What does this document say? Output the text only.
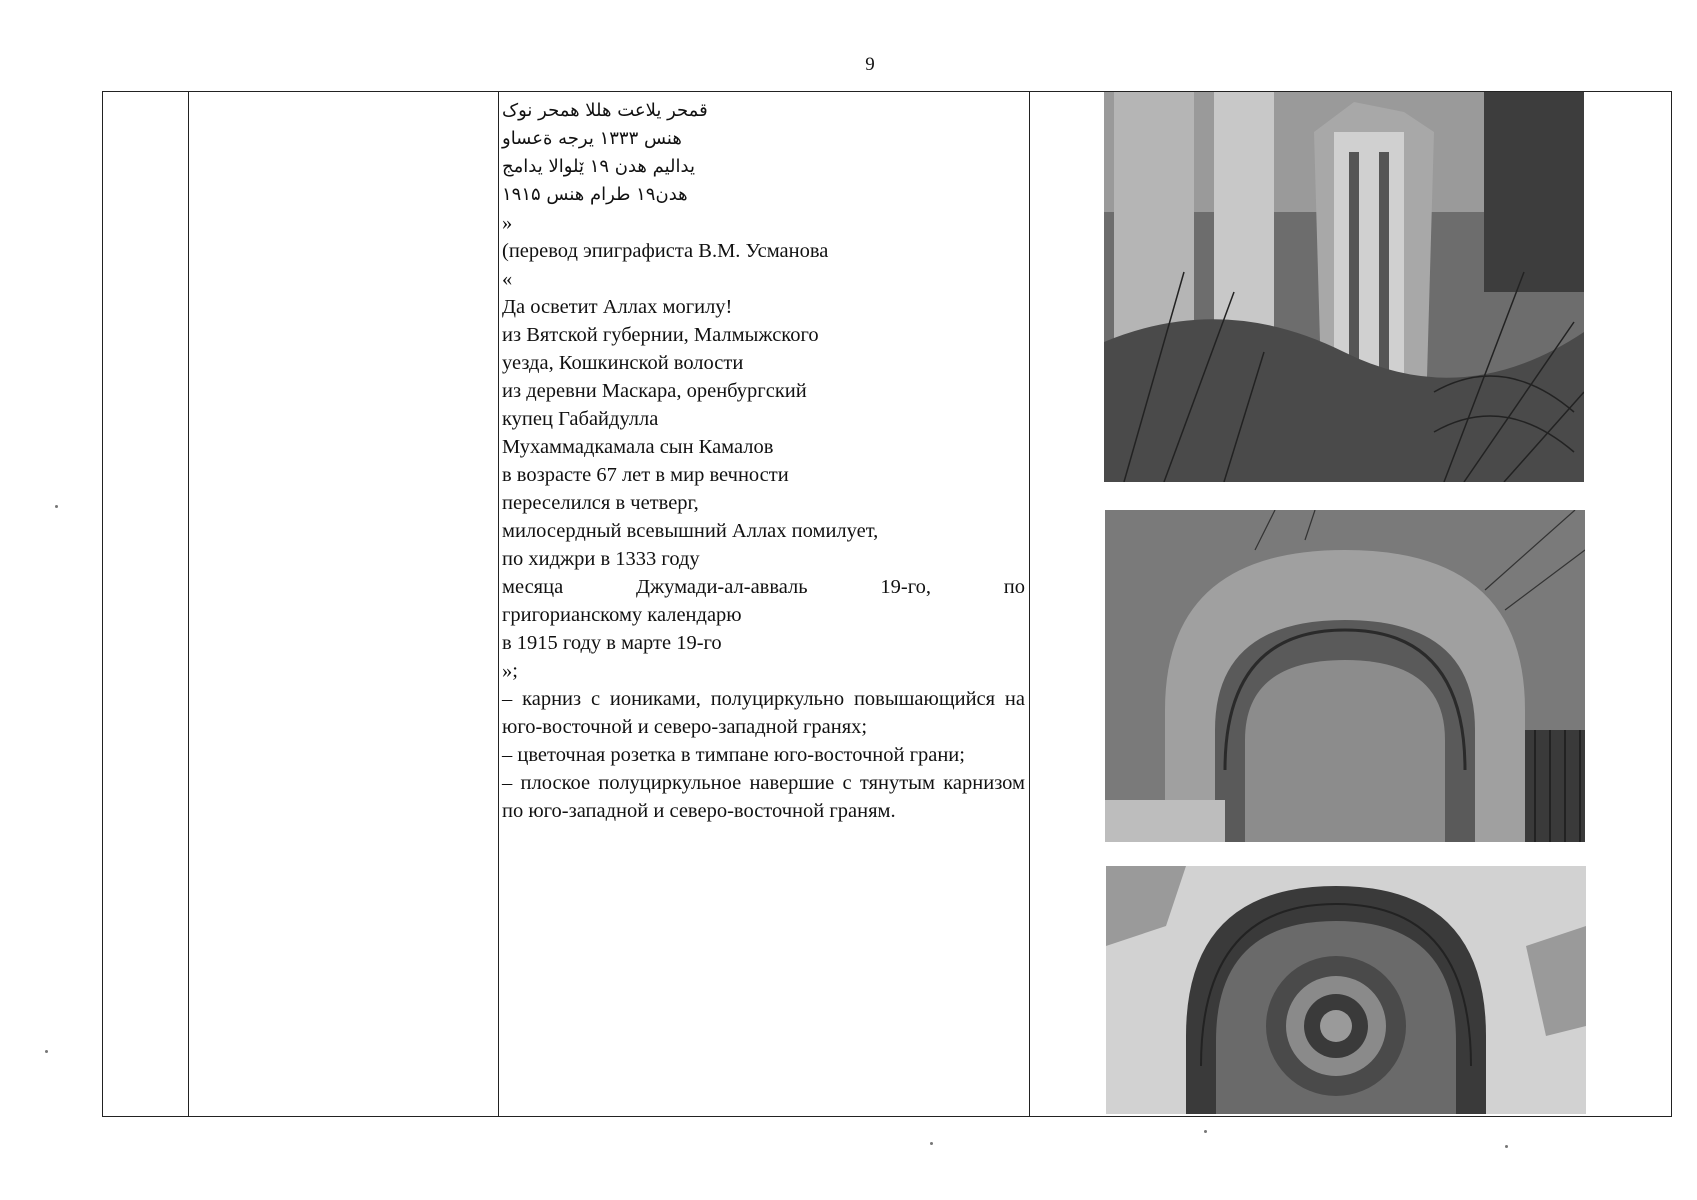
9
قمحر يلاعت هللا همحر نوک
هنس ۱۳۳۳ یرجه ةعساو
یدالیم هدن ۱۹ ێلوالا یدامج
هدن۱۹ طرام هنس ۱۹۱۵
»
(перевод эпиграфиста В.М. Усманова
«
Да осветит Аллах могилу!
из Вятской губернии, Малмыжского
уезда, Кошкинской волости
из деревни Маскара, оренбургский
купец Габайдулла
Мухаммадкамала сын Камалов
в возрасте 67 лет в мир вечности
переселился в четверг,
милосердный всевышний Аллах помилует,
по хиджри в 1333 году
месяца Джумади-ал-авваль 19-го, по
григорианскому календарю
в 1915 году в марте 19-го
»;
– карниз с иониками, полуциркульно повышающийся на юго-восточной и северо-западной гранях;
– цветочная розетка в тимпане юго-восточной грани;
– плоское полуциркульное навершие с тянутым карнизом по юго-западной и северо-восточной граням.
